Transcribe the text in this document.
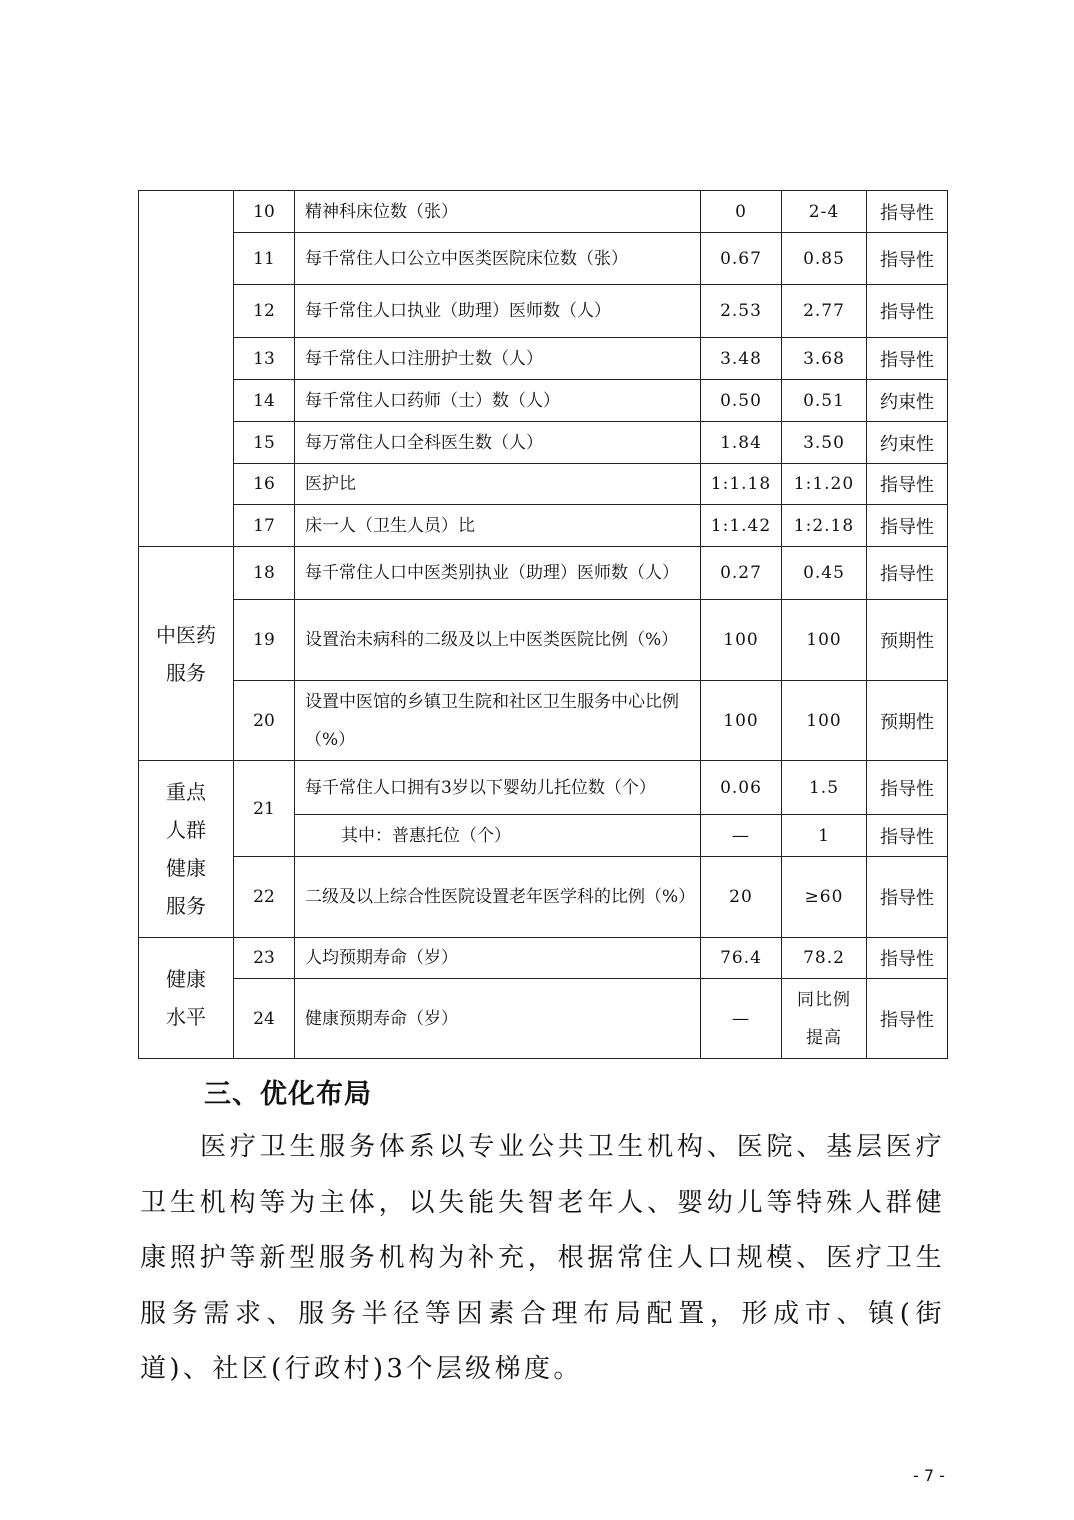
	10	精神科床位数（张）	0	2-4	指导性
	11	每千常住人口公立中医类医院床位数（张）	0.67	0.85	指导性
	12	每千常住人口执业（助理）医师数（人）	2.53	2.77	指导性
	13	每千常住人口注册护士数（人）	3.48	3.68	指导性
	14	每千常住人口药师（士）数（人）	0.50	0.51	约束性
	15	每万常住人口全科医生数（人）	1.84	3.50	约束性
	16	医护比	1:1.18	1:1.20	指导性
	17	床一人（卫生人员）比	1:1.42	1:2.18	指导性

中医药服务	18	每千常住人口中医类别执业（助理）医师数（人）	0.27	0.45	指导性
	19	设置治未病科的二级及以上中医类医院比例（%）	100	100	预期性
	20	设置中医馆的乡镇卫生院和社区卫生服务中心比例（%）	100	100	预期性

重点人群健康服务	21	每千常住人口拥有3岁以下婴幼儿托位数（个）	0.06	1.5	指导性
		其中：普惠托位（个）	—	1	指导性
	22	二级及以上综合性医院设置老年医学科的比例（%）	20	≥60	指导性

健康水平	23	人均预期寿命（岁）	76.4	78.2	指导性
	24	健康预期寿命（岁）	—	同比例提高	指导性
三、优化布局

医疗卫生服务体系以专业公共卫生机构、医院、基层医疗卫生机构等为主体，以失能失智老年人、婴幼儿等特殊人群健康照护等新型服务机构为补充，根据常住人口规模、医疗卫生服务需求、服务半径等因素合理布局配置，形成市、镇(街道)、社区(行政村)3个层级梯度。

- 7 -
